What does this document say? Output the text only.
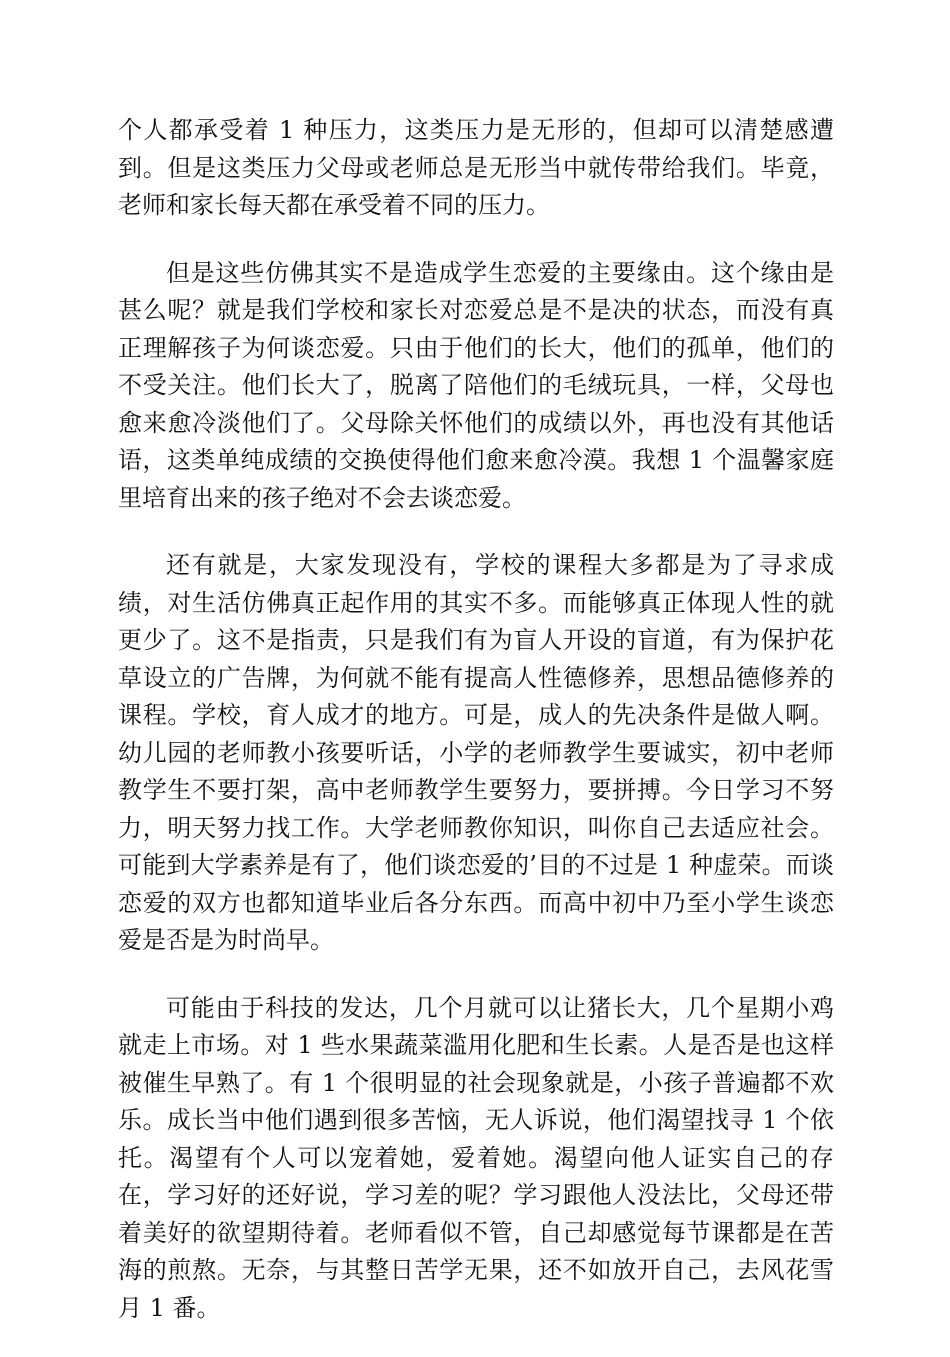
个人都承受着 1 种压力，这类压力是无形的，但却可以清楚感遭到。但是这类压力父母或老师总是无形当中就传带给我们。毕竟，老师和家长每天都在承受着不同的压力。

但是这些仿佛其实不是造成学生恋爱的主要缘由。这个缘由是甚么呢？就是我们学校和家长对恋爱总是不是决的状态，而没有真正理解孩子为何谈恋爱。只由于他们的长大，他们的孤单，他们的不受关注。他们长大了，脱离了陪他们的毛绒玩具，一样，父母也愈来愈冷淡他们了。父母除关怀他们的成绩以外，再也没有其他话语，这类单纯成绩的交换使得他们愈来愈冷漠。我想 1 个温馨家庭里培育出来的孩子绝对不会去谈恋爱。

还有就是，大家发现没有，学校的课程大多都是为了寻求成绩，对生活仿佛真正起作用的其实不多。而能够真正体现人性的就更少了。这不是指责，只是我们有为盲人开设的盲道，有为保护花草设立的广告牌，为何就不能有提高人性德修养，思想品德修养的课程。学校，育人成才的地方。可是，成人的先决条件是做人啊。幼儿园的老师教小孩要听话，小学的老师教学生要诚实，初中老师教学生不要打架，高中老师教学生要努力，要拼搏。今日学习不努力，明天努力找工作。大学老师教你知识，叫你自己去适应社会。可能到大学素养是有了，他们谈恋爱的’目的不过是 1 种虚荣。而谈恋爱的双方也都知道毕业后各分东西。而高中初中乃至小学生谈恋爱是否是为时尚早。

可能由于科技的发达，几个月就可以让猪长大，几个星期小鸡就走上市场。对 1 些水果蔬菜滥用化肥和生长素。人是否是也这样被催生早熟了。有 1 个很明显的社会现象就是，小孩子普遍都不欢乐。成长当中他们遇到很多苦恼，无人诉说，他们渴望找寻 1 个依托。渴望有个人可以宠着她，爱着她。渴望向他人证实自己的存在，学习好的还好说，学习差的呢？学习跟他人没法比，父母还带着美好的欲望期待着。老师看似不管，自己却感觉每节课都是在苦海的煎熬。无奈，与其整日苦学无果，还不如放开自己，去风花雪月 1 番。
